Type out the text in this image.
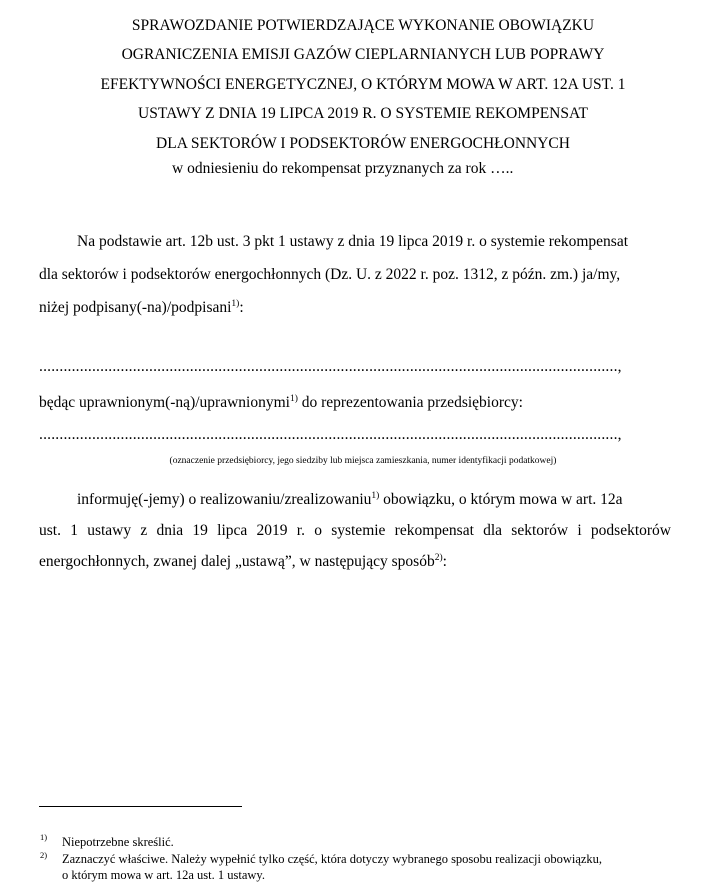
SPRAWOZDANIE POTWIERDZAJĄCE WYKONANIE OBOWIĄZKU
OGRANICZENIA EMISJI GAZÓW CIEPLARNIANYCH LUB POPRAWY
EFEKTYWNOŚCI ENERGETYCZNEJ, O KTÓRYM MOWA W ART. 12A UST. 1
USTAWY Z DNIA 19 LIPCA 2019 R. O SYSTEMIE REKOMPENSAT
DLA SEKTORÓW I PODSEKTORÓW ENERGOCHŁONNYCH
w odniesieniu do rekompensat przyznanych za rok …..
Na podstawie art. 12b ust. 3 pkt 1 ustawy z dnia 19 lipca 2019 r. o systemie rekompensat
dla sektorów i podsektorów energochłonnych (Dz. U. z 2022 r. poz. 1312, z późn. zm.) ja/my,
niżej podpisany(-na)/podpisani$^{1)}$:
..............................................................................................................................................,
będąc uprawnionym(-ną)/uprawnionymi$^{1)}$ do reprezentowania przedsiębiorcy:
..............................................................................................................................................,
(oznaczenie przedsiębiorcy, jego siedziby lub miejsca zamieszkania, numer identyfikacji podatkowej)
informuję(-jemy) o realizowaniu/zrealizowaniu$^{1)}$ obowiązku, o którym mowa w art. 12a
ust. 1 ustawy z dnia 19 lipca 2019 r. o systemie rekompensat dla sektorów i podsektorów
energochłonnych, zwanej dalej „ustawą”, w następujący sposób$^{2)}$:
1) Niepotrzebne skreślić.
2) Zaznaczyć właściwe. Należy wypełnić tylko część, która dotyczy wybranego sposobu realizacji obowiązku,
o którym mowa w art. 12a ust. 1 ustawy.
